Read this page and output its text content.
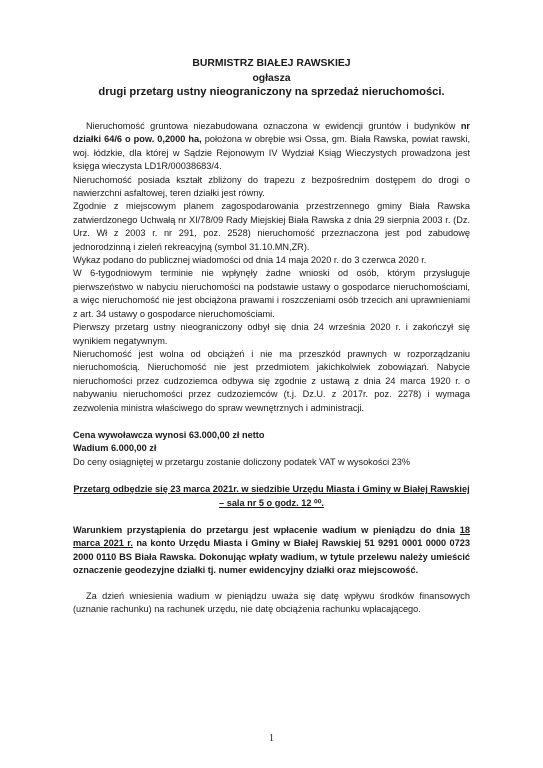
BURMISTRZ BIAŁEJ RAWSKIEJ
ogłasza
drugi przetarg ustny nieograniczony na sprzedaż nieruchomości.

Nieruchomość gruntowa niezabudowana oznaczona w ewidencji gruntów i budynków nr działki 64/6 o pow. 0,2000 ha, położona w obrębie wsi Ossa, gm. Biała Rawska, powiat rawski, woj. łódzkie, dla której w Sądzie Rejonowym IV Wydział Ksiąg Wieczystych prowadzona jest księga wieczysta LD1R/00038683/4.

Nieruchomość posiada kształt zbliżony do trapezu z bezpośrednim dostępem do drogi o nawierzchni asfaltowej, teren działki jest równy.

Zgodnie z miejscowym planem zagospodarowania przestrzennego gminy Biała Rawska zatwierdzonego Uchwałą nr XI/78/09 Rady Miejskiej Biała Rawska z dnia 29 sierpnia 2003 r. (Dz. Urz. Wł z 2003 r. nr 291, poz. 2528) nieruchomość przeznaczona jest pod zabudowę jednorodzinną i zieleń rekreacyjną (symbol 31.10.MN,ZR).

Wykaz podano do publicznej wiadomości od dnia 14 maja 2020 r. do 3 czerwca 2020 r.

W 6-tygodniowym terminie nie wpłynęły żadne wnioski od osób, którym przysługuje pierwszeństwo w nabyciu nieruchomości na podstawie ustawy o gospodarce nieruchomościami, a więc nieruchomość nie jest obciążona prawami i roszczeniami osób trzecich ani uprawnieniami z art. 34 ustawy o gospodarce nieruchomościami.

Pierwszy przetarg ustny nieograniczony odbył się dnia 24 września 2020 r. i zakończył się wynikiem negatywnym.

Nieruchomość jest wolna od obciążeń i nie ma przeszkód prawnych w rozporządzaniu nieruchomością. Nieruchomość nie jest przedmiotem jakichkolwiek zobowiązań. Nabycie nieruchomości przez cudzoziemca odbywa się zgodnie z ustawą z dnia 24 marca 1920 r. o nabywaniu nieruchomości przez cudzoziemców (t.j. Dz.U. z 2017r. poz. 2278) i wymaga zezwolenia ministra właściwego do spraw wewnętrznych i administracji.

Cena wywoławcza wynosi 63.000,00 zł netto

Wadium 6.000,00 zł

Do ceny osiągniętej w przetargu zostanie doliczony podatek VAT w wysokości 23%

Przetarg odbędzie się 23 marca 2021r. w siedzibie Urzędu Miasta i Gminy w Białej Rawskiej

– sala nr 5 o godz. 12 ⁰⁰.

Warunkiem przystąpienia do przetargu jest wpłacenie wadium w pieniądzu do dnia 18 marca 2021 r. na konto Urzędu Miasta i Gminy w Białej Rawskiej 51 9291 0001 0000 0723 2000 0110 BS Biała Rawska. Dokonując wpłaty wadium, w tytule przelewu należy umieścić oznaczenie geodezyjne działki tj. numer ewidencyjny działki oraz miejscowość.

Za dzień wniesienia wadium w pieniądzu uważa się datę wpływu środków finansowych (uznanie rachunku) na rachunek urzędu, nie datę obciążenia rachunku wpłacającego.

1
